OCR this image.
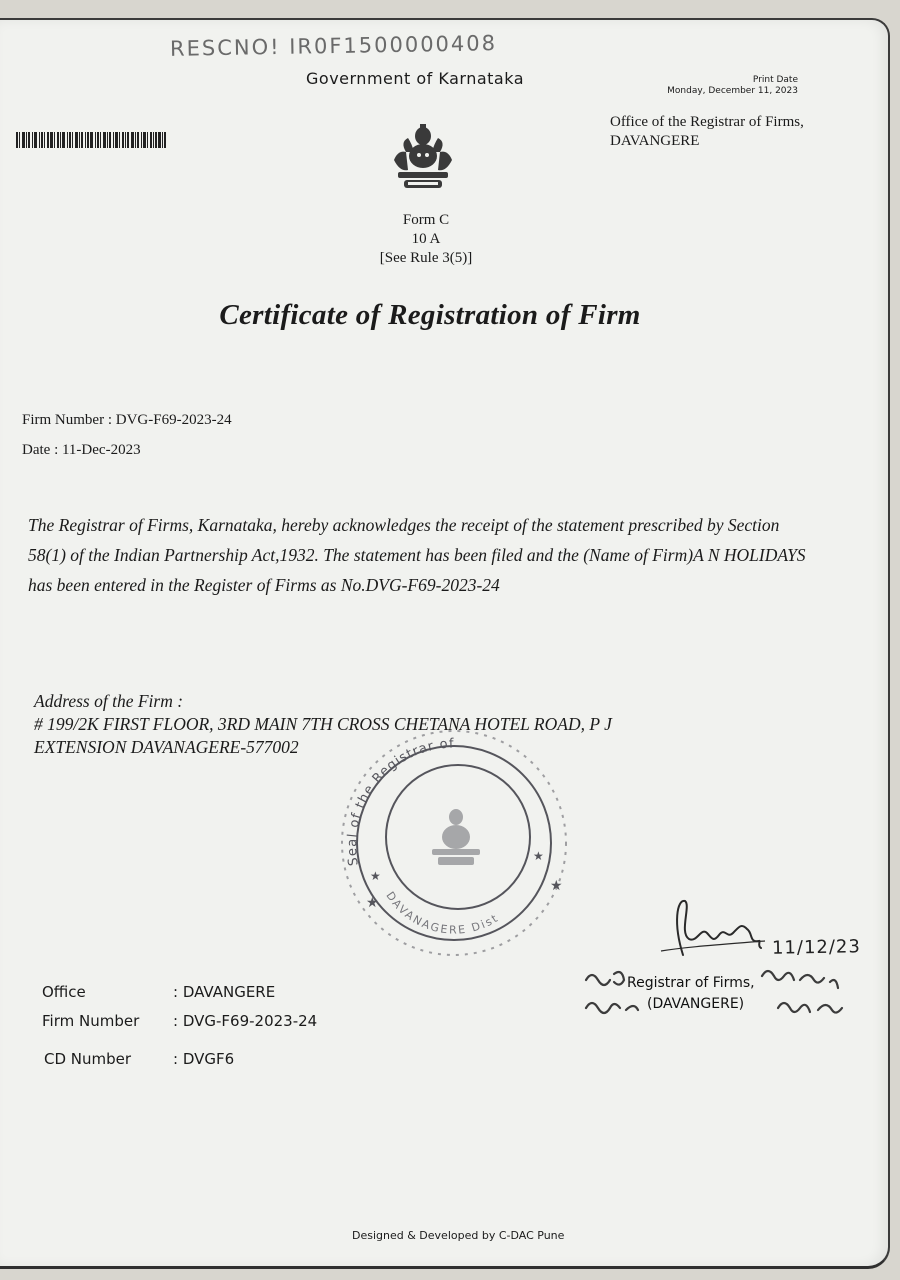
RESCNO! IR0F1500000408
Government of Karnataka	Print Date
Monday, December 11, 2023
Office of the Registrar of Firms,
DAVANGERE
Form C
10 A
[See Rule 3(5)]
Certificate of Registration of Firm
Firm Number : DVG-F69-2023-24
Date : 11-Dec-2023
The Registrar of Firms, Karnataka, hereby acknowledges the receipt of the statement prescribed by Section 58(1) of the Indian Partnership Act,1932. The statement has been filed and the (Name of Firm)A N HOLIDAYS has been entered in the Register of Firms as No.DVG-F69-2023-24
Address of the Firm :
# 199/2K FIRST FLOOR, 3RD MAIN 7TH CROSS CHETANA HOTEL ROAD, P J
EXTENSION DAVANAGERE-577002
Seal of the Registrar of
DAVANAGERE Dist
★
★
★
★
Office	: DAVANGERE
Firm Number : DVG-F69-2023-24
CD Number	: DVGF6
11/12/23
Registrar of Firms,
(DAVANGERE)
Designed & Developed by C-DAC Pune
